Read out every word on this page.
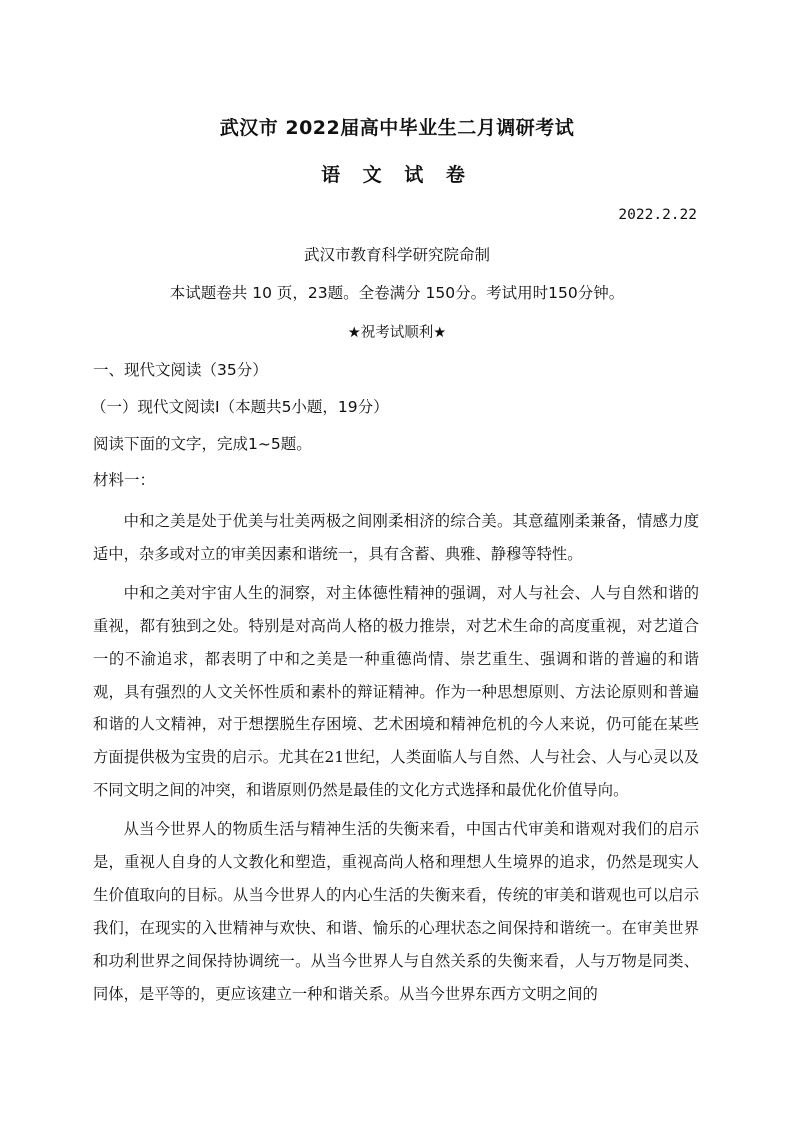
武汉市 2022届高中毕业生二月调研考试
语 文 试 卷
2022.2.22
武汉市教育科学研究院命制
本试题卷共 10 页，23题。全卷满分 150分。考试用时150分钟。
★祝考试顺利★
一、现代文阅读（35分）
（一）现代文阅读Ⅰ（本题共5小题，19分）
阅读下面的文字，完成1~5题。
材料一：

中和之美是处于优美与壮美两极之间刚柔相济的综合美。其意蕴刚柔兼备，情感力度适中，杂多或对立的审美因素和谐统一，具有含蓄、典雅、静穆等特性。

中和之美对宇宙人生的洞察，对主体德性精神的强调，对人与社会、人与自然和谐的重视，都有独到之处。特别是对高尚人格的极力推崇，对艺术生命的高度重视，对艺道合一的不渝追求，都表明了中和之美是一种重德尚情、崇艺重生、强调和谐的普遍的和谐观，具有强烈的人文关怀性质和素朴的辩证精神。作为一种思想原则、方法论原则和普遍和谐的人文精神，对于想摆脱生存困境、艺术困境和精神危机的今人来说，仍可能在某些方面提供极为宝贵的启示。尤其在21世纪，人类面临人与自然、人与社会、人与心灵以及不同文明之间的冲突，和谐原则仍然是最佳的文化方式选择和最优化价值导向。

从当今世界人的物质生活与精神生活的失衡来看，中国古代审美和谐观对我们的启示是，重视人自身的人文教化和塑造，重视高尚人格和理想人生境界的追求，仍然是现实人生价值取向的目标。从当今世界人的内心生活的失衡来看，传统的审美和谐观也可以启示我们，在现实的入世精神与欢快、和谐、愉乐的心理状态之间保持和谐统一。在审美世界和功利世界之间保持协调统一。从当今世界人与自然关系的失衡来看，人与万物是同类、同体，是平等的，更应该建立一种和谐关系。从当今世界东西方文明之间的
